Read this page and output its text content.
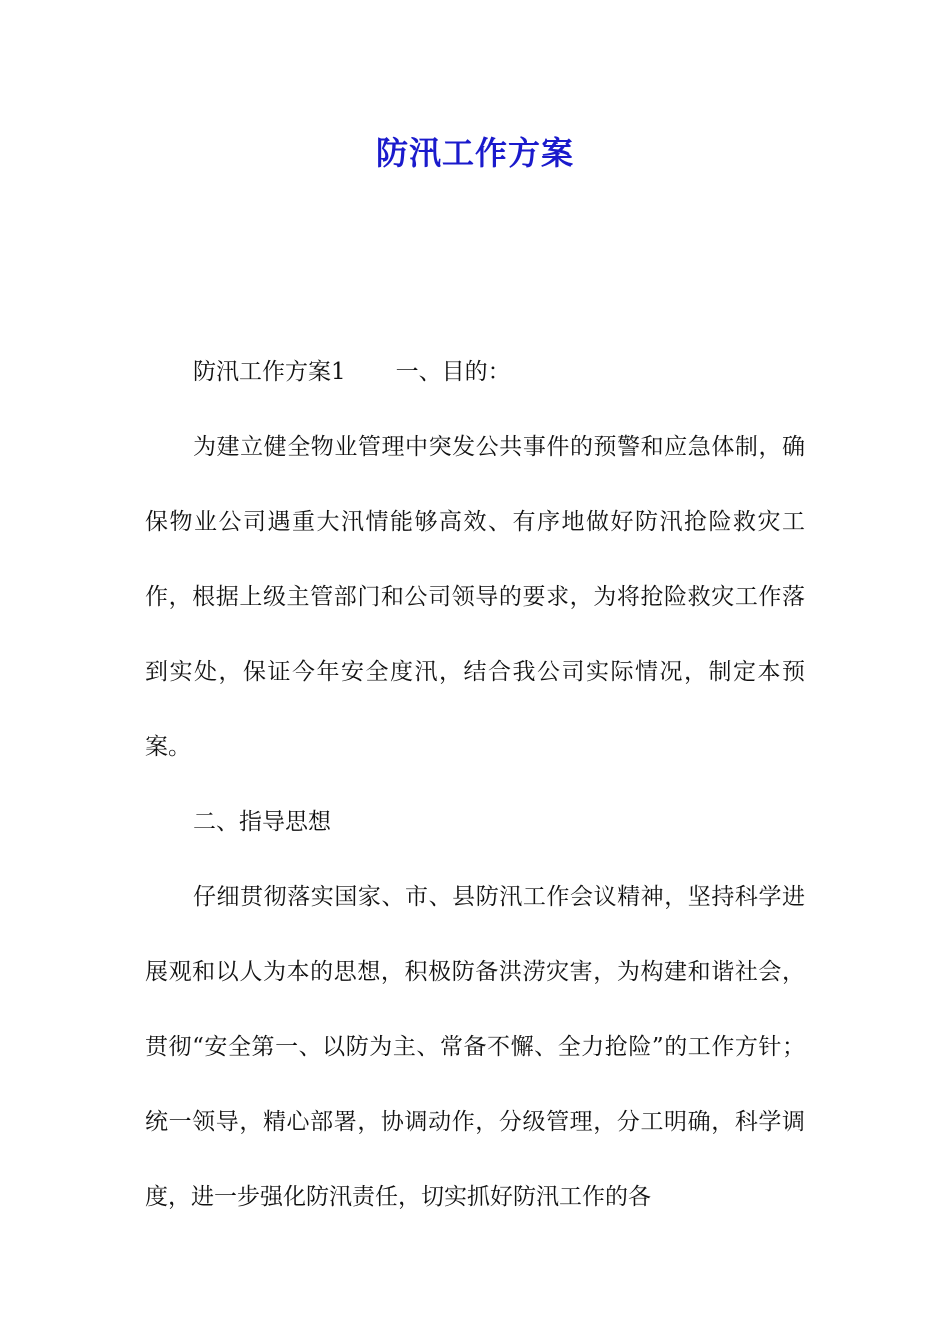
防汛工作方案

防汛工作方案1 一、目的：

为建立健全物业管理中突发公共事件的预警和应急体制，确保物业公司遇重大汛情能够高效、有序地做好防汛抢险救灾工作，根据上级主管部门和公司领导的要求，为将抢险救灾工作落到实处，保证今年安全度汛，结合我公司实际情况，制定本预案。

二、指导思想

仔细贯彻落实国家、市、县防汛工作会议精神，坚持科学进展观和以人为本的思想，积极防备洪涝灾害，为构建和谐社会，贯彻“安全第一、以防为主、常备不懈、全力抢险”的工作方针；统一领导，精心部署，协调动作，分级管理，分工明确，科学调度，进一步强化防汛责任，切实抓好防汛工作的各
